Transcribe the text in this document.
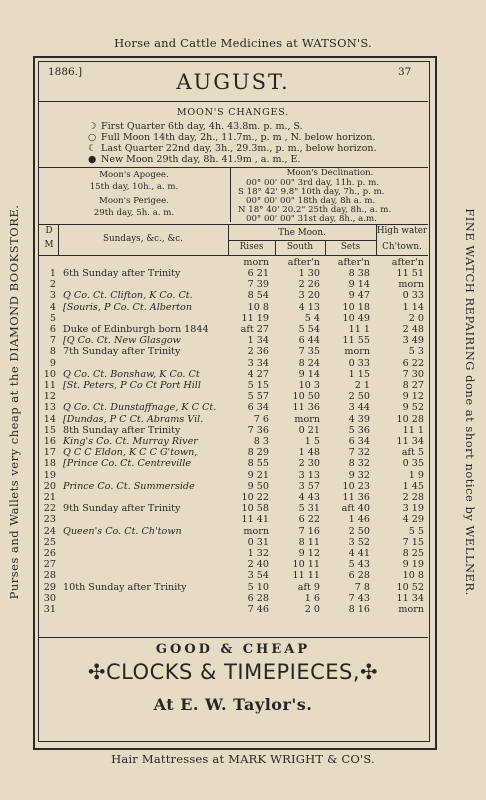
Horse and Cattle Medicines at WATSON'S.
Purses and Wallets very cheap at the DIAMOND BOOKSTORE.	FINE WATCH REPAIRING done at short notice by WELLNER.
1886.]	37
AUGUST.
MOON'S CHANGES.
☽ First Quarter 6th day, 4h. 43.8m. p. m., S.
○ Full Moon 14th day, 2h., 11.7m., p. m , N. below horizon.
☾ Last Quarter 22nd day, 3h., 29.3m., p. m., below horizon.
● New Moon 29th day, 8h. 41.9m , a. m., E.
Moon's Apogee.
15th day, 10h., a. m.
Moon's Perigee.
29th day, 5h. a. m.
Moon's Declination.
00° 00' 00" 3rd day, 11h. p. m.
S 18° 42' 9.8" 10th day, 7h., p. m.
00° 00' 00" 18th day, 8h a. m.
N 18° 40' 20.2" 25th day, 8h., a. m.
00° 00' 00" 31st day, 8h., a.m.
D
M
Sundays, &c., &c.
The Moon.
Rises	South	Sets
High water
Ch'town.
morn	after'n	after'n	after'n
1 6th Sunday after Trinity	6 21	1 30	8 38	11 51
2	7 39	2 26	9 14	morn
3 Q Co. Ct. Clifton, K Co. Ct.	8 54	3 20	9 47	0 33
4 [Souris, P Co. Ct. Alberton	10 8	4 13	10 18	1 14
5	11 19	5 4	10 49	2 0
6 Duke of Edinburgh born 1844	aft 27	5 54	11 1	2 48
7 [Q Co. Ct. New Glasgow	1 34	6 44	11 55	3 49
8 7th Sunday after Trinity	2 36	7 35	morn	5 3
9	3 34	8 24	0 33	6 22
10 Q Co. Ct. Bonshaw, K Co. Ct	4 27	9 14	1 15	7 30
11 [St. Peters, P Co Ct Port Hill	5 15	10 3	2 1	8 27
12	5 57	10 50	2 50	9 12
13 Q Co. Ct. Dunstaffnage, K C Ct.	6 34	11 36	3 44	9 52
14 [Dundas, P C Ct. Abrams Vil.	7 6	morn	4 39	10 28
15 8th Sunday after Trinity	7 36	0 21	5 36	11 1
16 King's Co. Ct. Murray River	8 3	1 5	6 34	11 34
17 Q C C Eldon, K C C G'town,	8 29	1 48	7 32	aft 5
18 [Prince Co. Ct. Centreville	8 55	2 30	8 32	0 35
19	9 21	3 13	9 32	1 9
20 Prince Co. Ct. Summerside	9 50	3 57	10 23	1 45
21	10 22	4 43	11 36	2 28
22 9th Sunday after Trinity	10 58	5 31	aft 40	3 19
23	11 41	6 22	1 46	4 29
24 Queen's Co. Ct. Ch'town	morn	7 16	2 50	5 5
25	0 31	8 11	3 52	7 15
26	1 32	9 12	4 41	8 25
27	2 40	10 11	5 43	9 19
28	3 54	11 11	6 28	10 8
29 10th Sunday after Trinity	5 10	aft 9	7 8	10 52
30	6 28	1 6	7 43	11 34
31	7 46	2 0	8 16	morn
GOOD & CHEAP
✣CLOCKS & TIMEPIECES,✣
At E. W. Taylor's.
Hair Mattresses at MARK WRIGHT & CO'S.
